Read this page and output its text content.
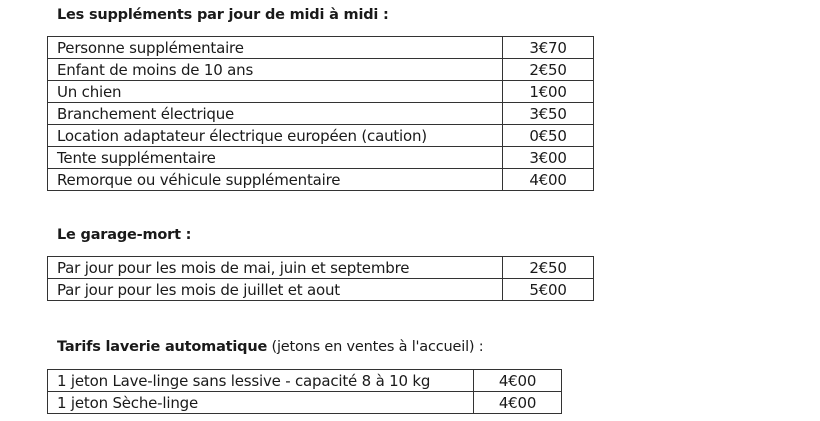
Les suppléments par jour de midi à midi :
Personne supplémentaire	3€70
Enfant de moins de 10 ans	2€50
Un chien	1€00
Branchement électrique	3€50
Location adaptateur électrique européen (caution)	0€50
Tente supplémentaire	3€00
Remorque ou véhicule supplémentaire	4€00
Le garage-mort :
Par jour pour les mois de mai, juin et septembre	2€50
Par jour pour les mois de juillet et aout	5€00
Tarifs laverie automatique (jetons en ventes à l'accueil) :
1 jeton Lave-linge sans lessive - capacité 8 à 10 kg	4€00
1 jeton Sèche-linge	4€00
